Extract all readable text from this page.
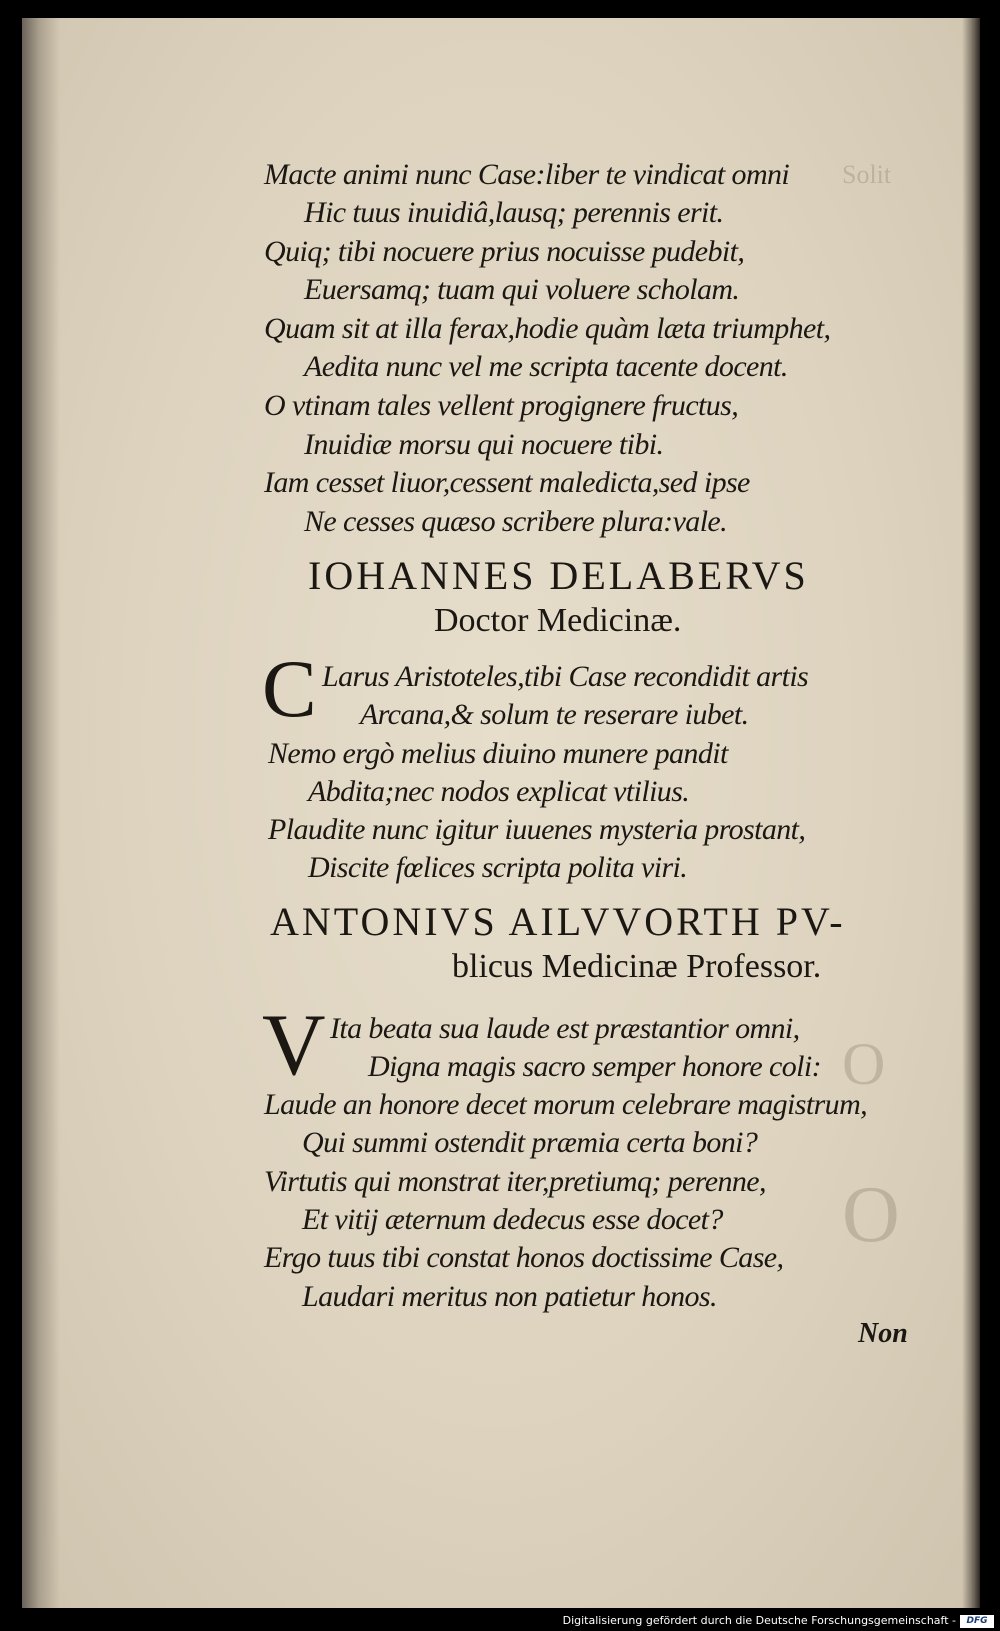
Solit
O
O
Macte animi nunc Case:liber te vindicat omni
Hic tuus inuidiâ,lausq; perennis erit.
Quiq; tibi nocuere prius nocuisse pudebit,
Euersamq; tuam qui voluere scholam.
Quam sit at illa ferax,hodie quàm læta triumphet,
Aedita nunc vel me scripta tacente docent.
O vtinam tales vellent progignere fructus,
Inuidiæ morsu qui nocuere tibi.
Iam cesset liuor,cessent maledicta,sed ipse
Ne cesses quæso scribere plura:vale.
IOHANNES DELABERVS
Doctor Medicinæ.
C Larus Aristoteles,tibi Case recondidit artis
Arcana,& solum te reserare iubet.
Nemo ergò melius diuino munere pandit
Abdita;nec nodos explicat vtilius.
Plaudite nunc igitur iuuenes mysteria prostant,
Discite fœlices scripta polita viri.
ANTONIVS AILVVORTH PV-
blicus Medicinæ Professor.
V Ita beata sua laude est præstantior omni,
Digna magis sacro semper honore coli:
Laude an honore decet morum celebrare magistrum,
Qui summi ostendit præmia certa boni?
Virtutis qui monstrat iter,pretiumq; perenne,
Et vitij æternum dedecus esse docet?
Ergo tuus tibi constat honos doctissime Case,
Laudari meritus non patietur honos.
Non
Digitalisierung gefördert durch die Deutsche Forschungsgemeinschaft -	DFG
